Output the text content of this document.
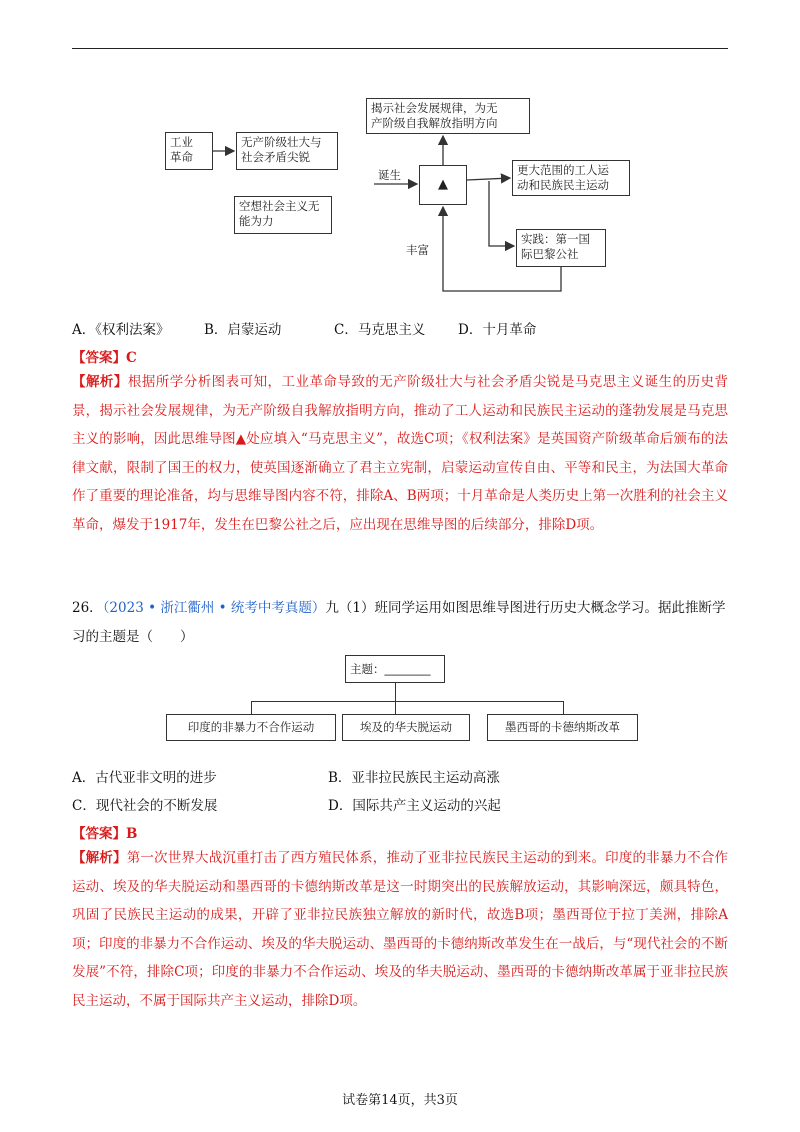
工业
革命
无产阶级壮大与
社会矛盾尖锐
空想社会主义无
能为力
揭示社会发展规律，为无
产阶级自我解放指明方向
▲
更大范围的工人运
动和民族民主运动
实践：第一国
际巴黎公社
诞生
丰富
A．《权利法案》	B．启蒙运动	C．马克思主义 D．十月革命
【答案】C
【解析】根据所学分析图表可知，工业革命导致的无产阶级壮大与社会矛盾尖锐是马克思主义诞生的历史背景，揭示社会发展规律，为无产阶级自我解放指明方向，推动了工人运动和民族民主运动的蓬勃发展是马克思主义的影响，因此思维导图▲处应填入“马克思主义”，故选C项；《权利法案》是英国资产阶级革命后颁布的法律文献，限制了国王的权力，使英国逐渐确立了君主立宪制，启蒙运动宣传自由、平等和民主，为法国大革命作了重要的理论准备，均与思维导图内容不符，排除A、B两项；十月革命是人类历史上第一次胜利的社会主义革命，爆发于1917年，发生在巴黎公社之后，应出现在思维导图的后续部分，排除D项。
26．（2023 • 浙江衢州 • 统考中考真题）九（1）班同学运用如图思维导图进行历史大概念学习。据此推断学习的主题是（　　）
主题：________
印度的非暴力不合作运动	埃及的华夫脱运动	墨西哥的卡德纳斯改革
A．古代亚非文明的进步	B．亚非拉民族民主运动高涨
C．现代社会的不断发展	D．国际共产主义运动的兴起
【答案】B
【解析】第一次世界大战沉重打击了西方殖民体系，推动了亚非拉民族民主运动的到来。印度的非暴力不合作运动、埃及的华夫脱运动和墨西哥的卡德纳斯改革是这一时期突出的民族解放运动，其影响深远，颇具特色，巩固了民族民主运动的成果，开辟了亚非拉民族独立解放的新时代，故选B项；墨西哥位于拉丁美洲，排除A项；印度的非暴力不合作运动、埃及的华夫脱运动、墨西哥的卡德纳斯改革发生在一战后，与“现代社会的不断发展”不符，排除C项；印度的非暴力不合作运动、埃及的华夫脱运动、墨西哥的卡德纳斯改革属于亚非拉民族民主运动，不属于国际共产主义运动，排除D项。
试卷第14页，共3页
